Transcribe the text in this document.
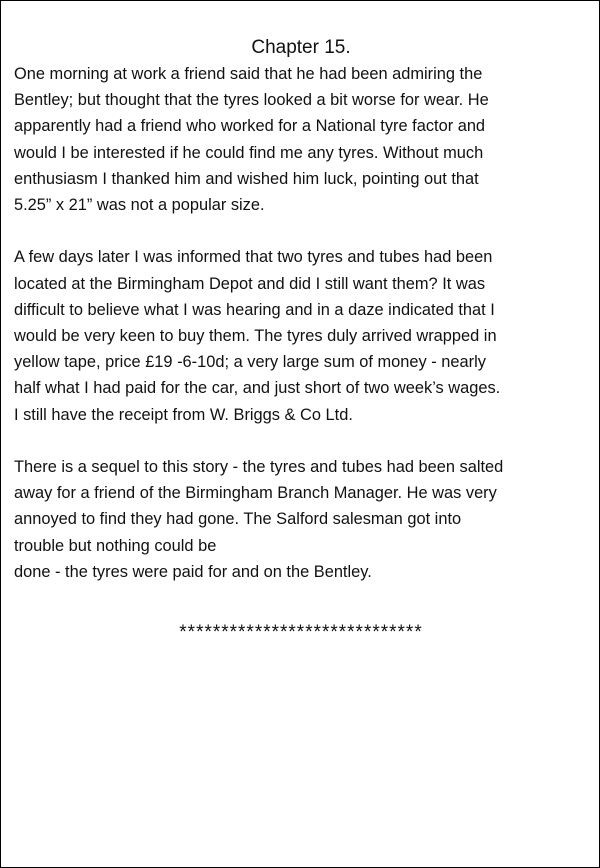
Chapter 15.

One morning at work a friend said that he had been admiring the
Bentley; but thought that the tyres looked a bit worse for wear. He
apparently had a friend who worked for a National tyre factor and
would I be interested if he could find me any tyres. Without much
enthusiasm I thanked him and wished him luck, pointing out that
5.25” x 21” was not a popular size.

A few days later I was informed that two tyres and tubes had been
located at the Birmingham Depot and did I still want them? It was
difficult to believe what I was hearing and in a daze indicated that I
would be very keen to buy them. The tyres duly arrived wrapped in
yellow tape, price £19 -6-10d; a very large sum of money - nearly
half what I had paid for the car, and just short of two week’s wages.
I still have the receipt from W. Briggs & Co Ltd.

There is a sequel to this story - the tyres and tubes had been salted
away for a friend of the Birmingham Branch Manager. He was very
annoyed to find they had gone. The Salford salesman got into
trouble but nothing could be
done - the tyres were paid for and on the Bentley.

*****************************
